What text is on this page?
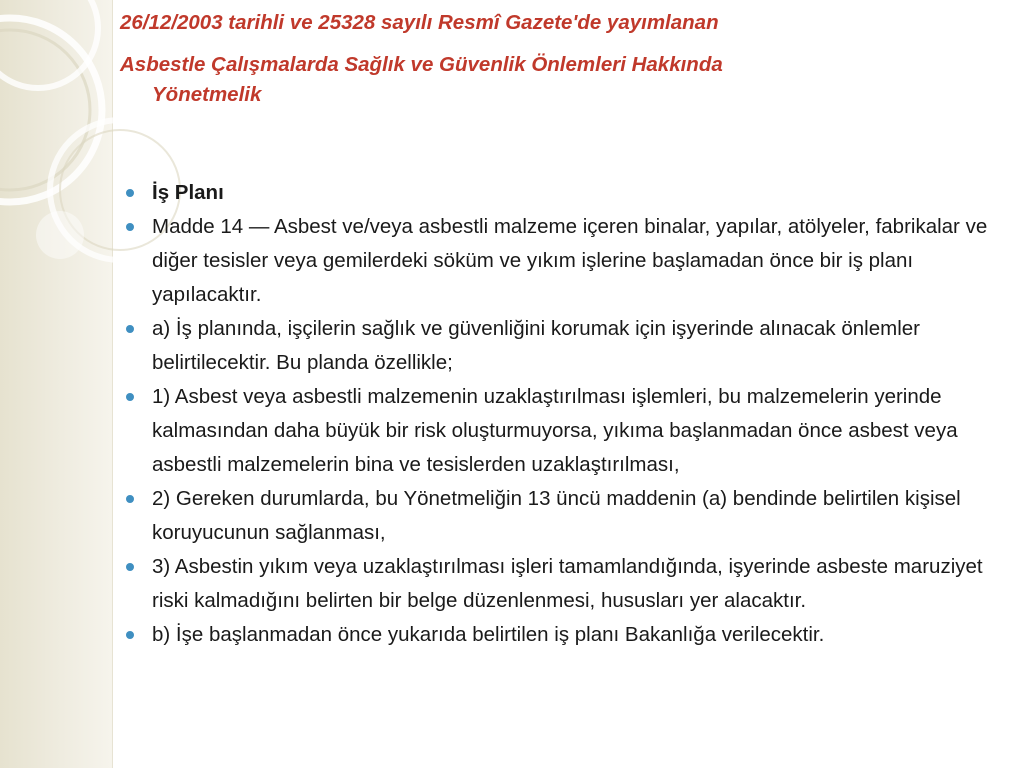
26/12/2003 tarihli ve 25328 sayılı Resmî Gazete'de yayımlanan

Asbestle Çalışmalarda Sağlık ve Güvenlik Önlemleri Hakkında

Yönetmelik

İş Planı
Madde 14 — Asbest ve/veya asbestli malzeme içeren binalar, yapılar, atölyeler, fabrikalar ve diğer tesisler veya gemilerdeki söküm ve yıkım işlerine başlamadan önce bir iş planı yapılacaktır.
a) İş planında, işçilerin sağlık ve güvenliğini korumak için işyerinde alınacak önlemler belirtilecektir. Bu planda özellikle;
1) Asbest veya asbestli malzemenin uzaklaştırılması işlemleri, bu malzemelerin yerinde kalmasından daha büyük bir risk oluşturmuyorsa, yıkıma başlanmadan önce asbest veya asbestli malzemelerin bina ve tesislerden uzaklaştırılması,
2) Gereken durumlarda, bu Yönetmeliğin 13 üncü maddenin (a) bendinde belirtilen kişisel koruyucunun sağlanması,
3) Asbestin yıkım veya uzaklaştırılması işleri tamamlandığında, işyerinde asbeste maruziyet riski kalmadığını belirten bir belge düzenlenmesi, hususları yer alacaktır.
b) İşe başlanmadan önce yukarıda belirtilen iş planı Bakanlığa verilecektir.
